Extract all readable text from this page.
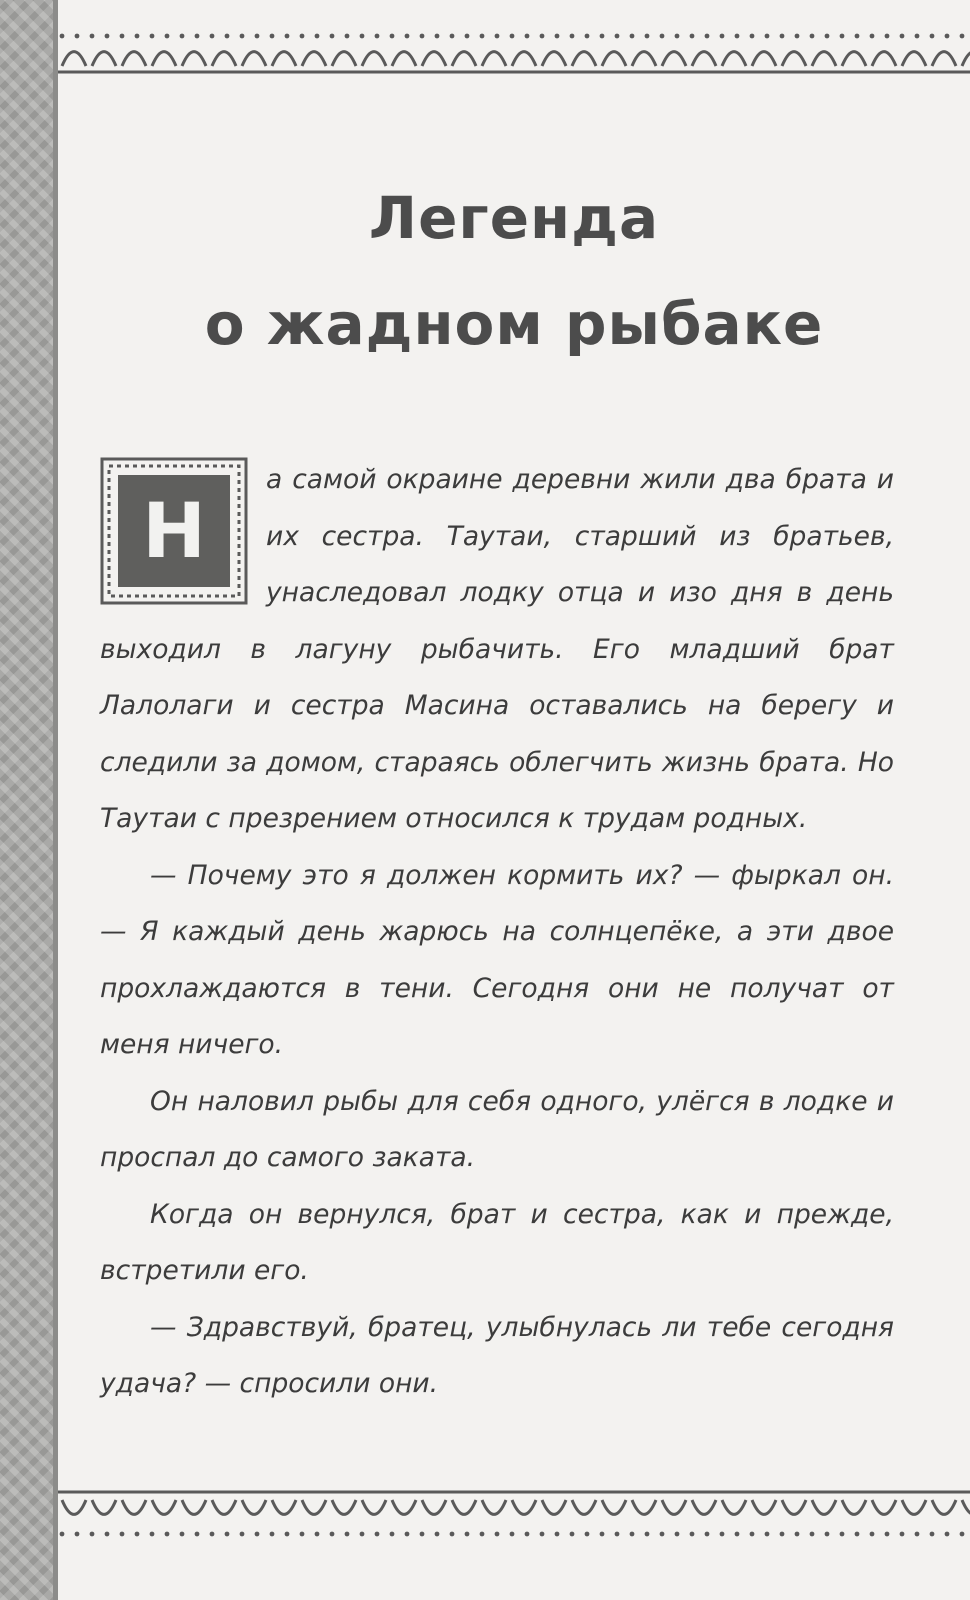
Легенда
о жадном рыбаке
Н

а самой окраине деревни жили два брата и их сестра. Таутаи, старший из братьев, унаследовал лодку отца и изо дня в день выходил в лагуну рыбачить. Его младший брат Лалолаги и сестра Масина оставались на берегу и следили за домом, стараясь облегчить жизнь брата. Но Таутаи с презрением относился к трудам родных.

— Почему это я должен кормить их? — фыркал он. — Я каждый день жарюсь на солнцепёке, а эти двое прохлаждаются в тени. Сегодня они не получат от меня ничего.

Он наловил рыбы для себя одного, улёгся в лодке и проспал до самого заката.

Когда он вернулся, брат и сестра, как и прежде, встретили его.

— Здравствуй, братец, улыбнулась ли тебе сегодня удача? — спросили они.
